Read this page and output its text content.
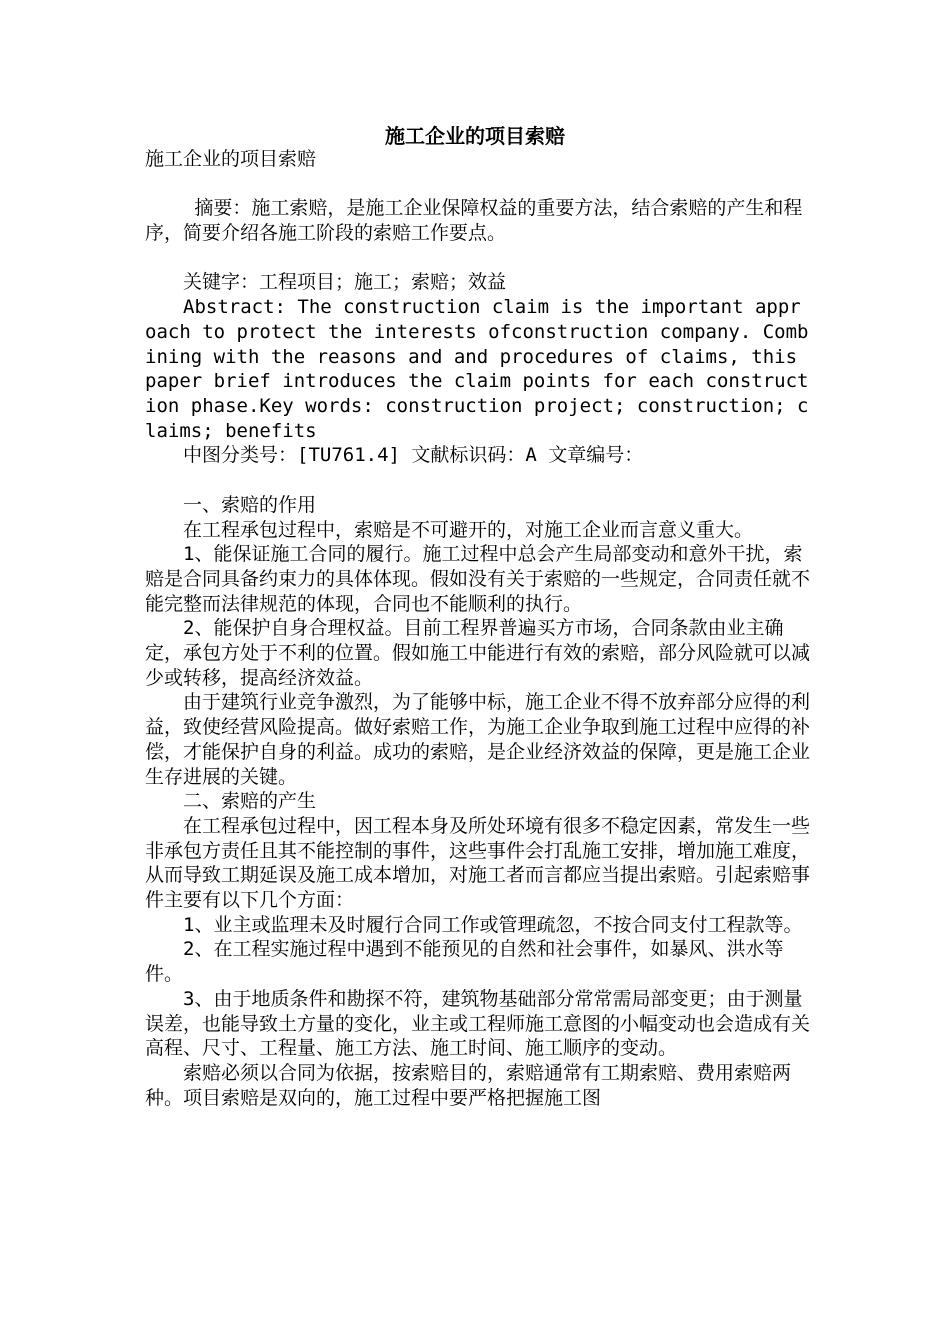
施工企业的项目索赔

施工企业的项目索赔

摘要：施工索赔，是施工企业保障权益的重要方法，结合索赔的产生和程序，简要介绍各施工阶段的索赔工作要点。

关键字：工程项目；施工；索赔；效益

Abstract: The construction claim is the important approach to protect the interests ofconstruction company. Combining with the reasons and and procedures of claims, this paper brief introduces the claim points for each construction phase.Key words: construction project; construction; claims; benefits

中图分类号：[TU761.4] 文献标识码：A 文章编号：

一、索赔的作用

在工程承包过程中，索赔是不可避开的，对施工企业而言意义重大。

1、能保证施工合同的履行。施工过程中总会产生局部变动和意外干扰，索赔是合同具备约束力的具体体现。假如没有关于索赔的一些规定，合同责任就不能完整而法律规范的体现，合同也不能顺利的执行。

2、能保护自身合理权益。目前工程界普遍买方市场，合同条款由业主确定，承包方处于不利的位置。假如施工中能进行有效的索赔，部分风险就可以减少或转移，提高经济效益。

由于建筑行业竞争激烈，为了能够中标，施工企业不得不放弃部分应得的利益，致使经营风险提高。做好索赔工作，为施工企业争取到施工过程中应得的补偿，才能保护自身的利益。成功的索赔，是企业经济效益的保障，更是施工企业生存进展的关键。

二、索赔的产生

在工程承包过程中，因工程本身及所处环境有很多不稳定因素，常发生一些非承包方责任且其不能控制的事件，这些事件会打乱施工安排，增加施工难度，从而导致工期延误及施工成本增加，对施工者而言都应当提出索赔。引起索赔事件主要有以下几个方面：

1、业主或监理未及时履行合同工作或管理疏忽，不按合同支付工程款等。

2、在工程实施过程中遇到不能预见的自然和社会事件，如暴风、洪水等件。

3、由于地质条件和勘探不符，建筑物基础部分常常需局部变更；由于测量误差，也能导致土方量的变化，业主或工程师施工意图的小幅变动也会造成有关高程、尺寸、工程量、施工方法、施工时间、施工顺序的变动。

索赔必须以合同为依据，按索赔目的，索赔通常有工期索赔、费用索赔两种。项目索赔是双向的，施工过程中要严格把握施工图
